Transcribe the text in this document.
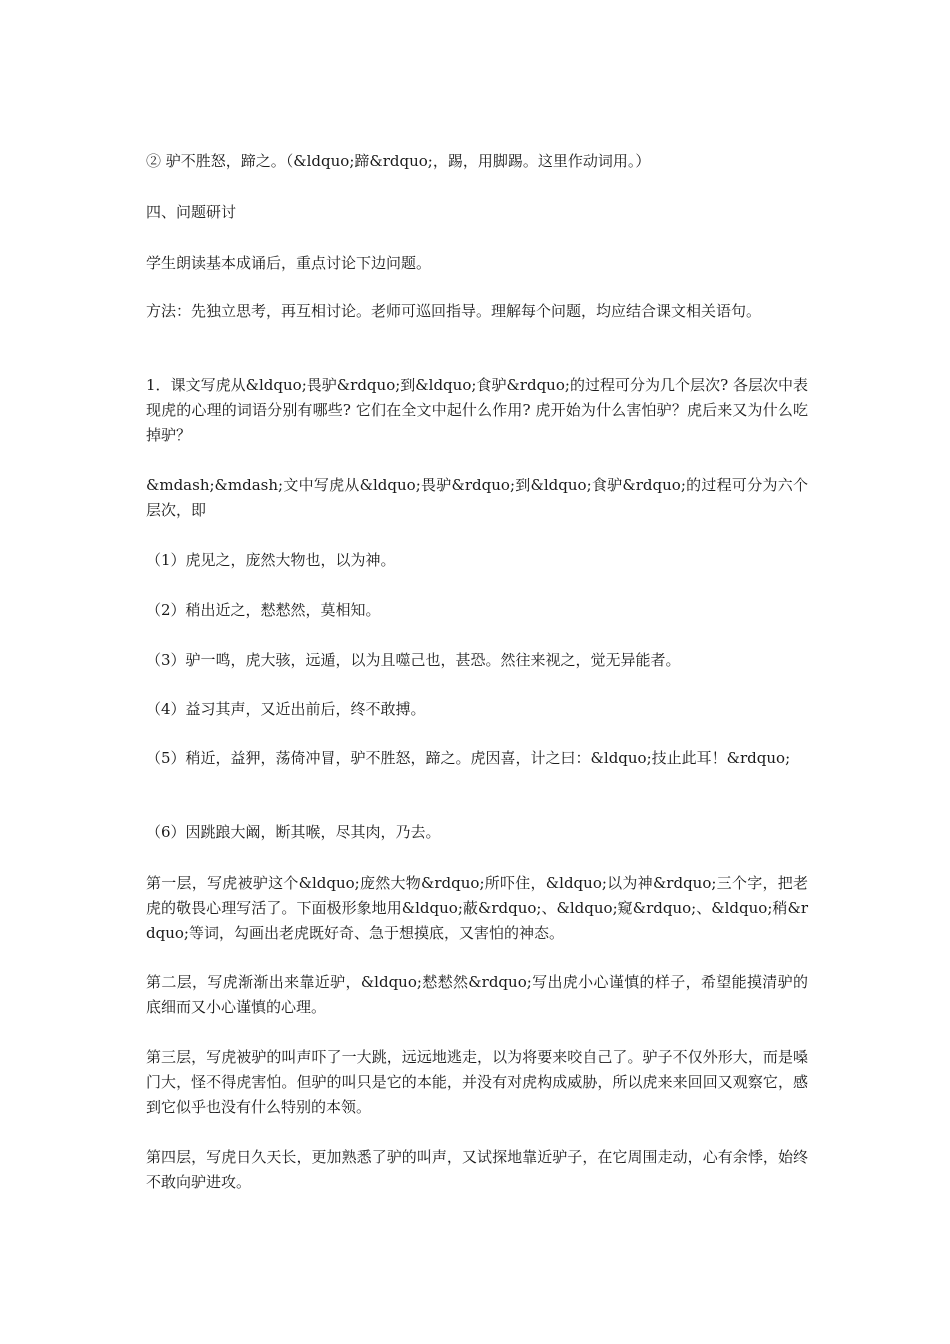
② 驴不胜怒，蹄之。（&ldquo;蹄&rdquo;，踢，用脚踢。这里作动词用。）

四、问题研讨

学生朗读基本成诵后，重点讨论下边问题。

方法：先独立思考，再互相讨论。老师可巡回指导。理解每个问题，均应结合课文相关语句。

1．课文写虎从&ldquo;畏驴&rdquo;到&ldquo;食驴&rdquo;的过程可分为几个层次? 各层次中表现虎的心理的词语分别有哪些? 它们在全文中起什么作用? 虎开始为什么害怕驴？虎后来又为什么吃掉驴？

&mdash;&mdash;文中写虎从&ldquo;畏驴&rdquo;到&ldquo;食驴&rdquo;的过程可分为六个层次，即

（1）虎见之，庞然大物也，以为神。

（2）稍出近之，慭慭然，莫相知。

（3）驴一鸣，虎大骇，远遁，以为且噬己也，甚恐。然往来视之，觉无异能者。

（4）益习其声，又近出前后，终不敢搏。

（5）稍近，益狎，荡倚冲冒，驴不胜怒，蹄之。虎因喜，计之曰：&ldquo;技止此耳！&rdquo;

（6）因跳踉大阚，断其喉，尽其肉，乃去。

第一层，写虎被驴这个&ldquo;庞然大物&rdquo;所吓住，&ldquo;以为神&rdquo;三个字，把老虎的敬畏心理写活了。下面极形象地用&ldquo;蔽&rdquo;、&ldquo;窥&rdquo;、&ldquo;稍&rdquo;等词，勾画出老虎既好奇、急于想摸底，又害怕的神态。

第二层，写虎渐渐出来靠近驴，&ldquo;慭慭然&rdquo;写出虎小心谨慎的样子，希望能摸清驴的底细而又小心谨慎的心理。

第三层，写虎被驴的叫声吓了一大跳，远远地逃走，以为将要来咬自己了。驴子不仅外形大，而是嗓门大，怪不得虎害怕。但驴的叫只是它的本能，并没有对虎构成威胁，所以虎来来回回又观察它，感到它似乎也没有什么特别的本领。

第四层，写虎日久天长，更加熟悉了驴的叫声，又试探地靠近驴子，在它周围走动，心有余悸，始终不敢向驴进攻。
